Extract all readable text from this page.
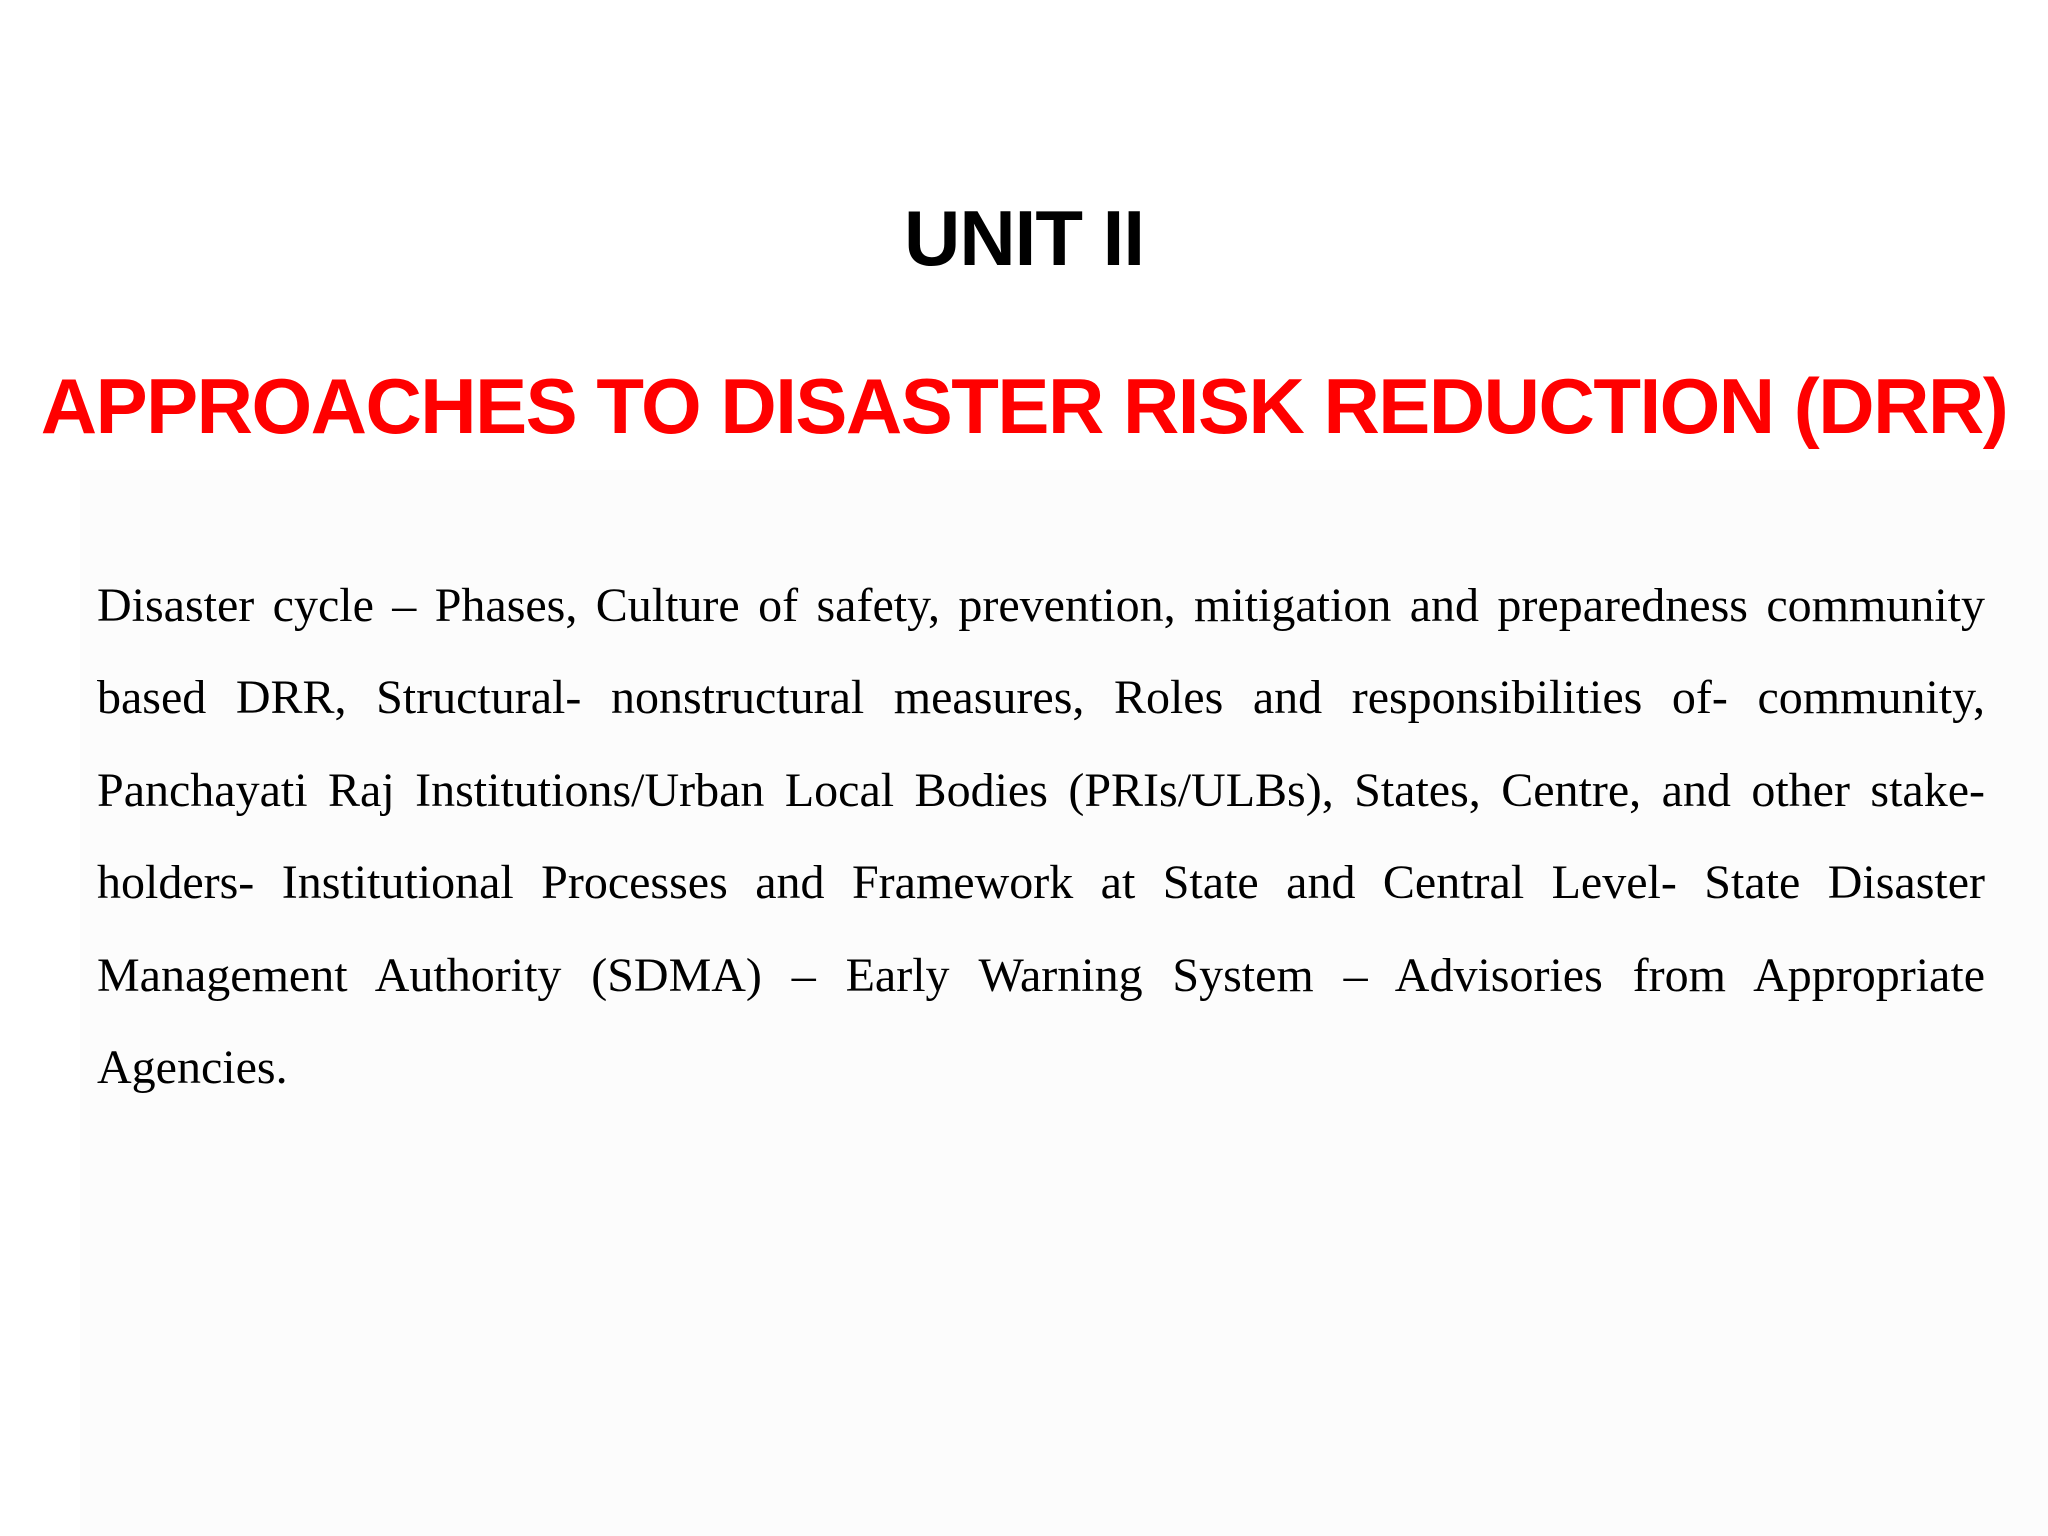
UNIT II
APPROACHES TO DISASTER RISK REDUCTION (DRR)
Disaster cycle – Phases, Culture of safety, prevention, mitigation and preparedness community based DRR, Structural- nonstructural measures, Roles and responsibilities of- community, Panchayati Raj Institutions/Urban Local Bodies (PRIs/ULBs), States, Centre, and other stake-holders- Institutional Processes and Framework at State and Central Level- State Disaster Management Authority (SDMA) – Early Warning System – Advisories from Appropriate Agencies.
